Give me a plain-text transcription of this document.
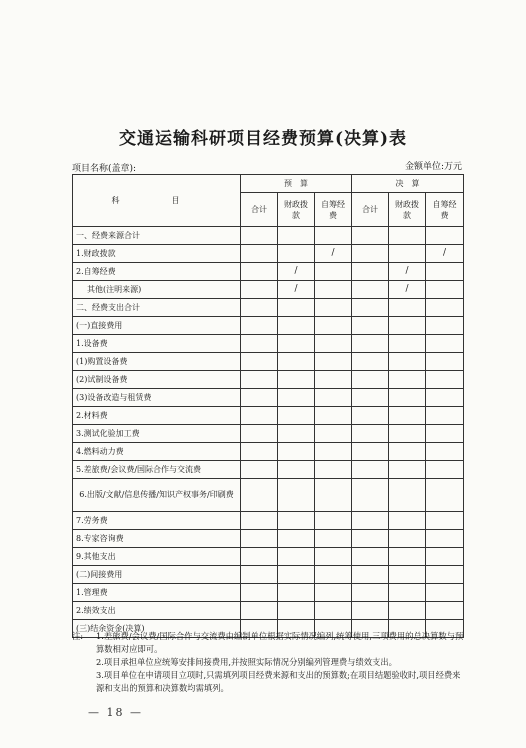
交通运输科研项目经费预算(决算)表
项目名称(盖章):	金额单位:万元
科　目	预　算			决　算		
	合计	财政拨款	自筹经费	合计	财政拨款	自筹经费
一、经费来源合计						
1.财政拨款			/			/
2.自筹经费		/			/	
其他(注明来源)		/			/	
二、经费支出合计						
(一)直接费用						
1.设备费						
(1)购置设备费						
(2)试制设备费						
(3)设备改造与租赁费						
2.材料费						
3.测试化验加工费						
4.燃料动力费						
5.差旅费/会议费/国际合作与交流费						
6.出版/文献/信息传播/知识产权事务/印刷费						
7.劳务费						
8.专家咨询费						
9.其他支出						
(二)间接费用						
1.管理费						
2.绩效支出						
(三)结余资金(决算)						
注: 1.差旅费/会议费/国际合作与交流费由编制单位根据实际情况编列,统筹使用,三项费用的总决算数与预算数相对应即可。
2.项目承担单位应统筹安排间接费用,并按照实际情况分别编列管理费与绩效支出。
3.项目单位在申请项目立项时,只需填列项目经费来源和支出的预算数;在项目结题验收时,项目经费来源和支出的预算和决算数均需填列。
— 18 —
